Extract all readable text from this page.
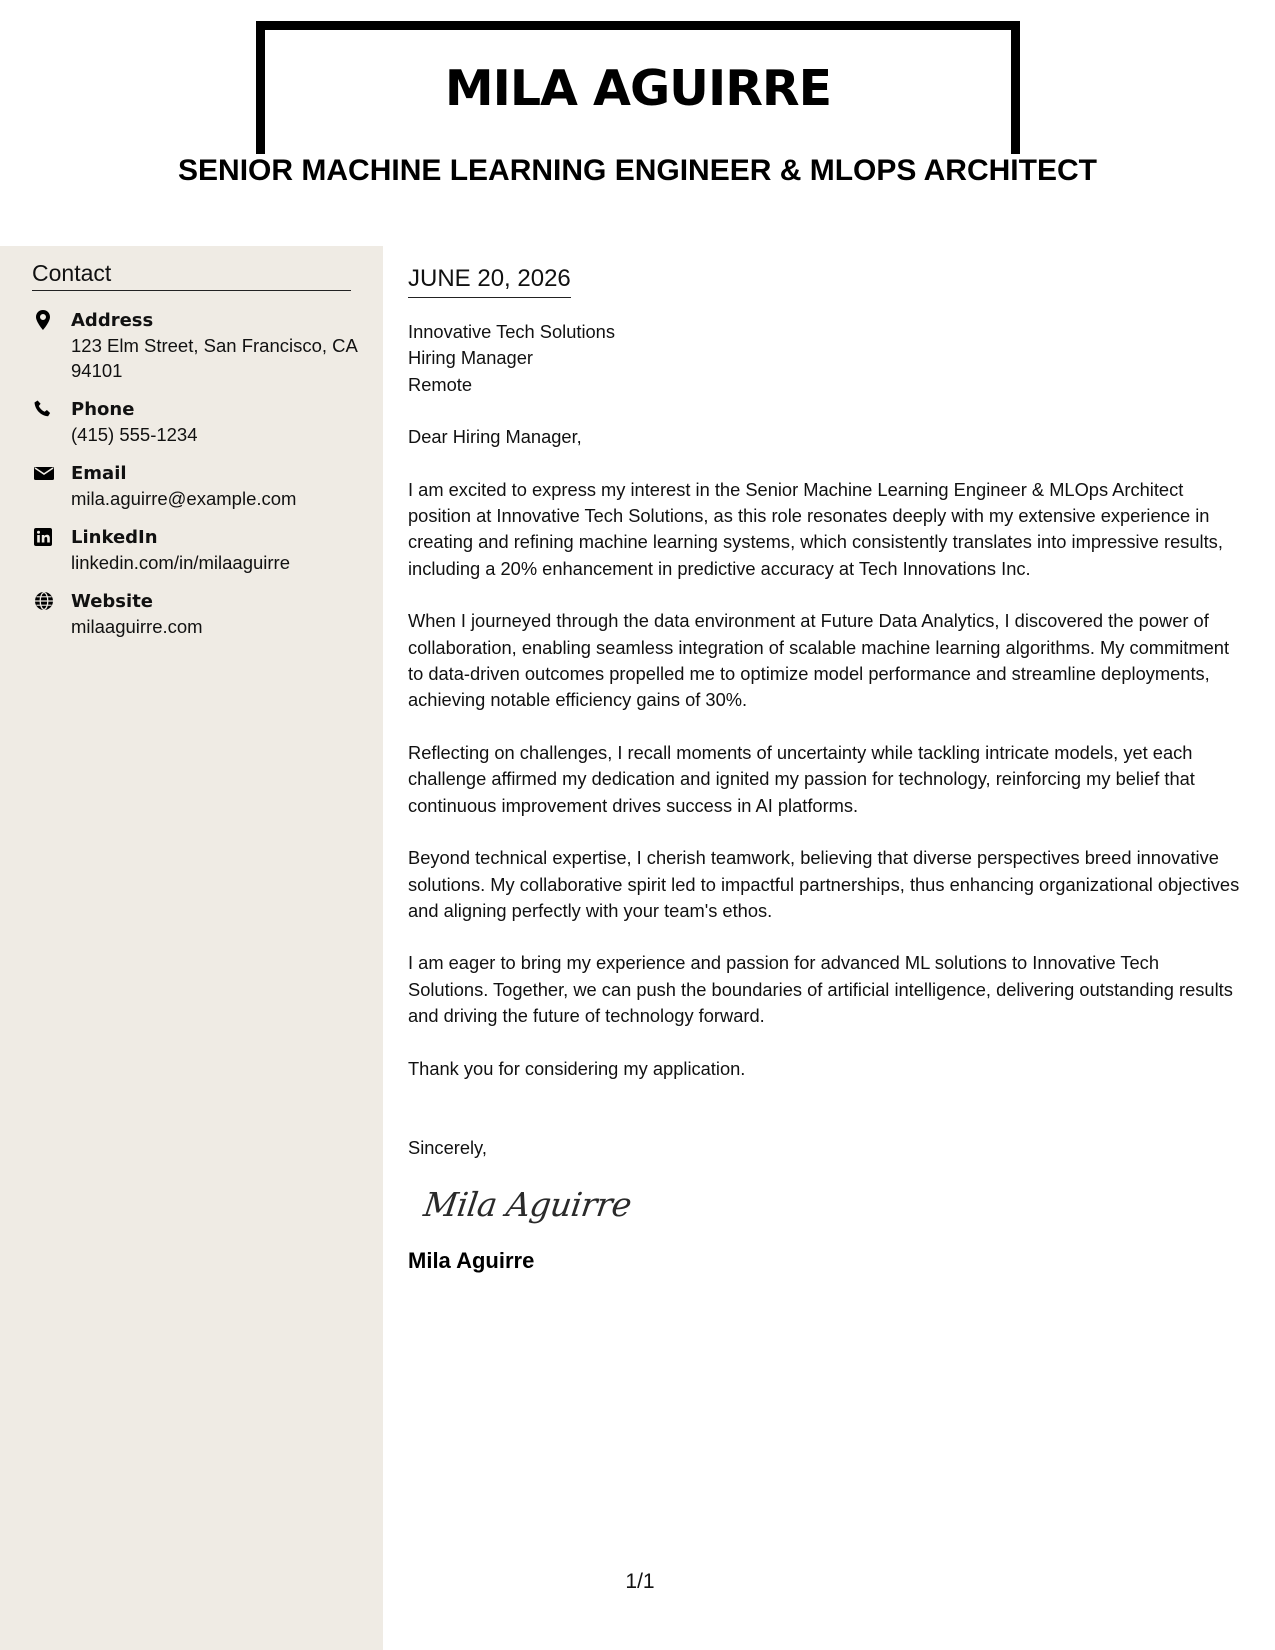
MILA AGUIRRE
SENIOR MACHINE LEARNING ENGINEER & MLOPS ARCHITECT
Contact
Address
123 Elm Street, San Francisco, CA 94101
Phone
(415) 555-1234
Email
mila.aguirre@example.com
LinkedIn
linkedin.com/in/milaaguirre
Website
milaaguirre.com
JUNE 20, 2026
Innovative Tech Solutions
Hiring Manager
Remote

Dear Hiring Manager,

I am excited to express my interest in the Senior Machine Learning Engineer & MLOps Architect position at Innovative Tech Solutions, as this role resonates deeply with my extensive experience in creating and refining machine learning systems, which consistently translates into impressive results, including a 20% enhancement in predictive accuracy at Tech Innovations Inc.

When I journeyed through the data environment at Future Data Analytics, I discovered the power of collaboration, enabling seamless integration of scalable machine learning algorithms. My commitment to data-driven outcomes propelled me to optimize model performance and streamline deployments, achieving notable efficiency gains of 30%.

Reflecting on challenges, I recall moments of uncertainty while tackling intricate models, yet each challenge affirmed my dedication and ignited my passion for technology, reinforcing my belief that continuous improvement drives success in AI platforms.

Beyond technical expertise, I cherish teamwork, believing that diverse perspectives breed innovative solutions. My collaborative spirit led to impactful partnerships, thus enhancing organizational objectives and aligning perfectly with your team's ethos.

I am eager to bring my experience and passion for advanced ML solutions to Innovative Tech Solutions. Together, we can push the boundaries of artificial intelligence, delivering outstanding results and driving the future of technology forward.

Thank you for considering my application.

Sincerely,

Mila Aguirre
Mila Aguirre
1/1
